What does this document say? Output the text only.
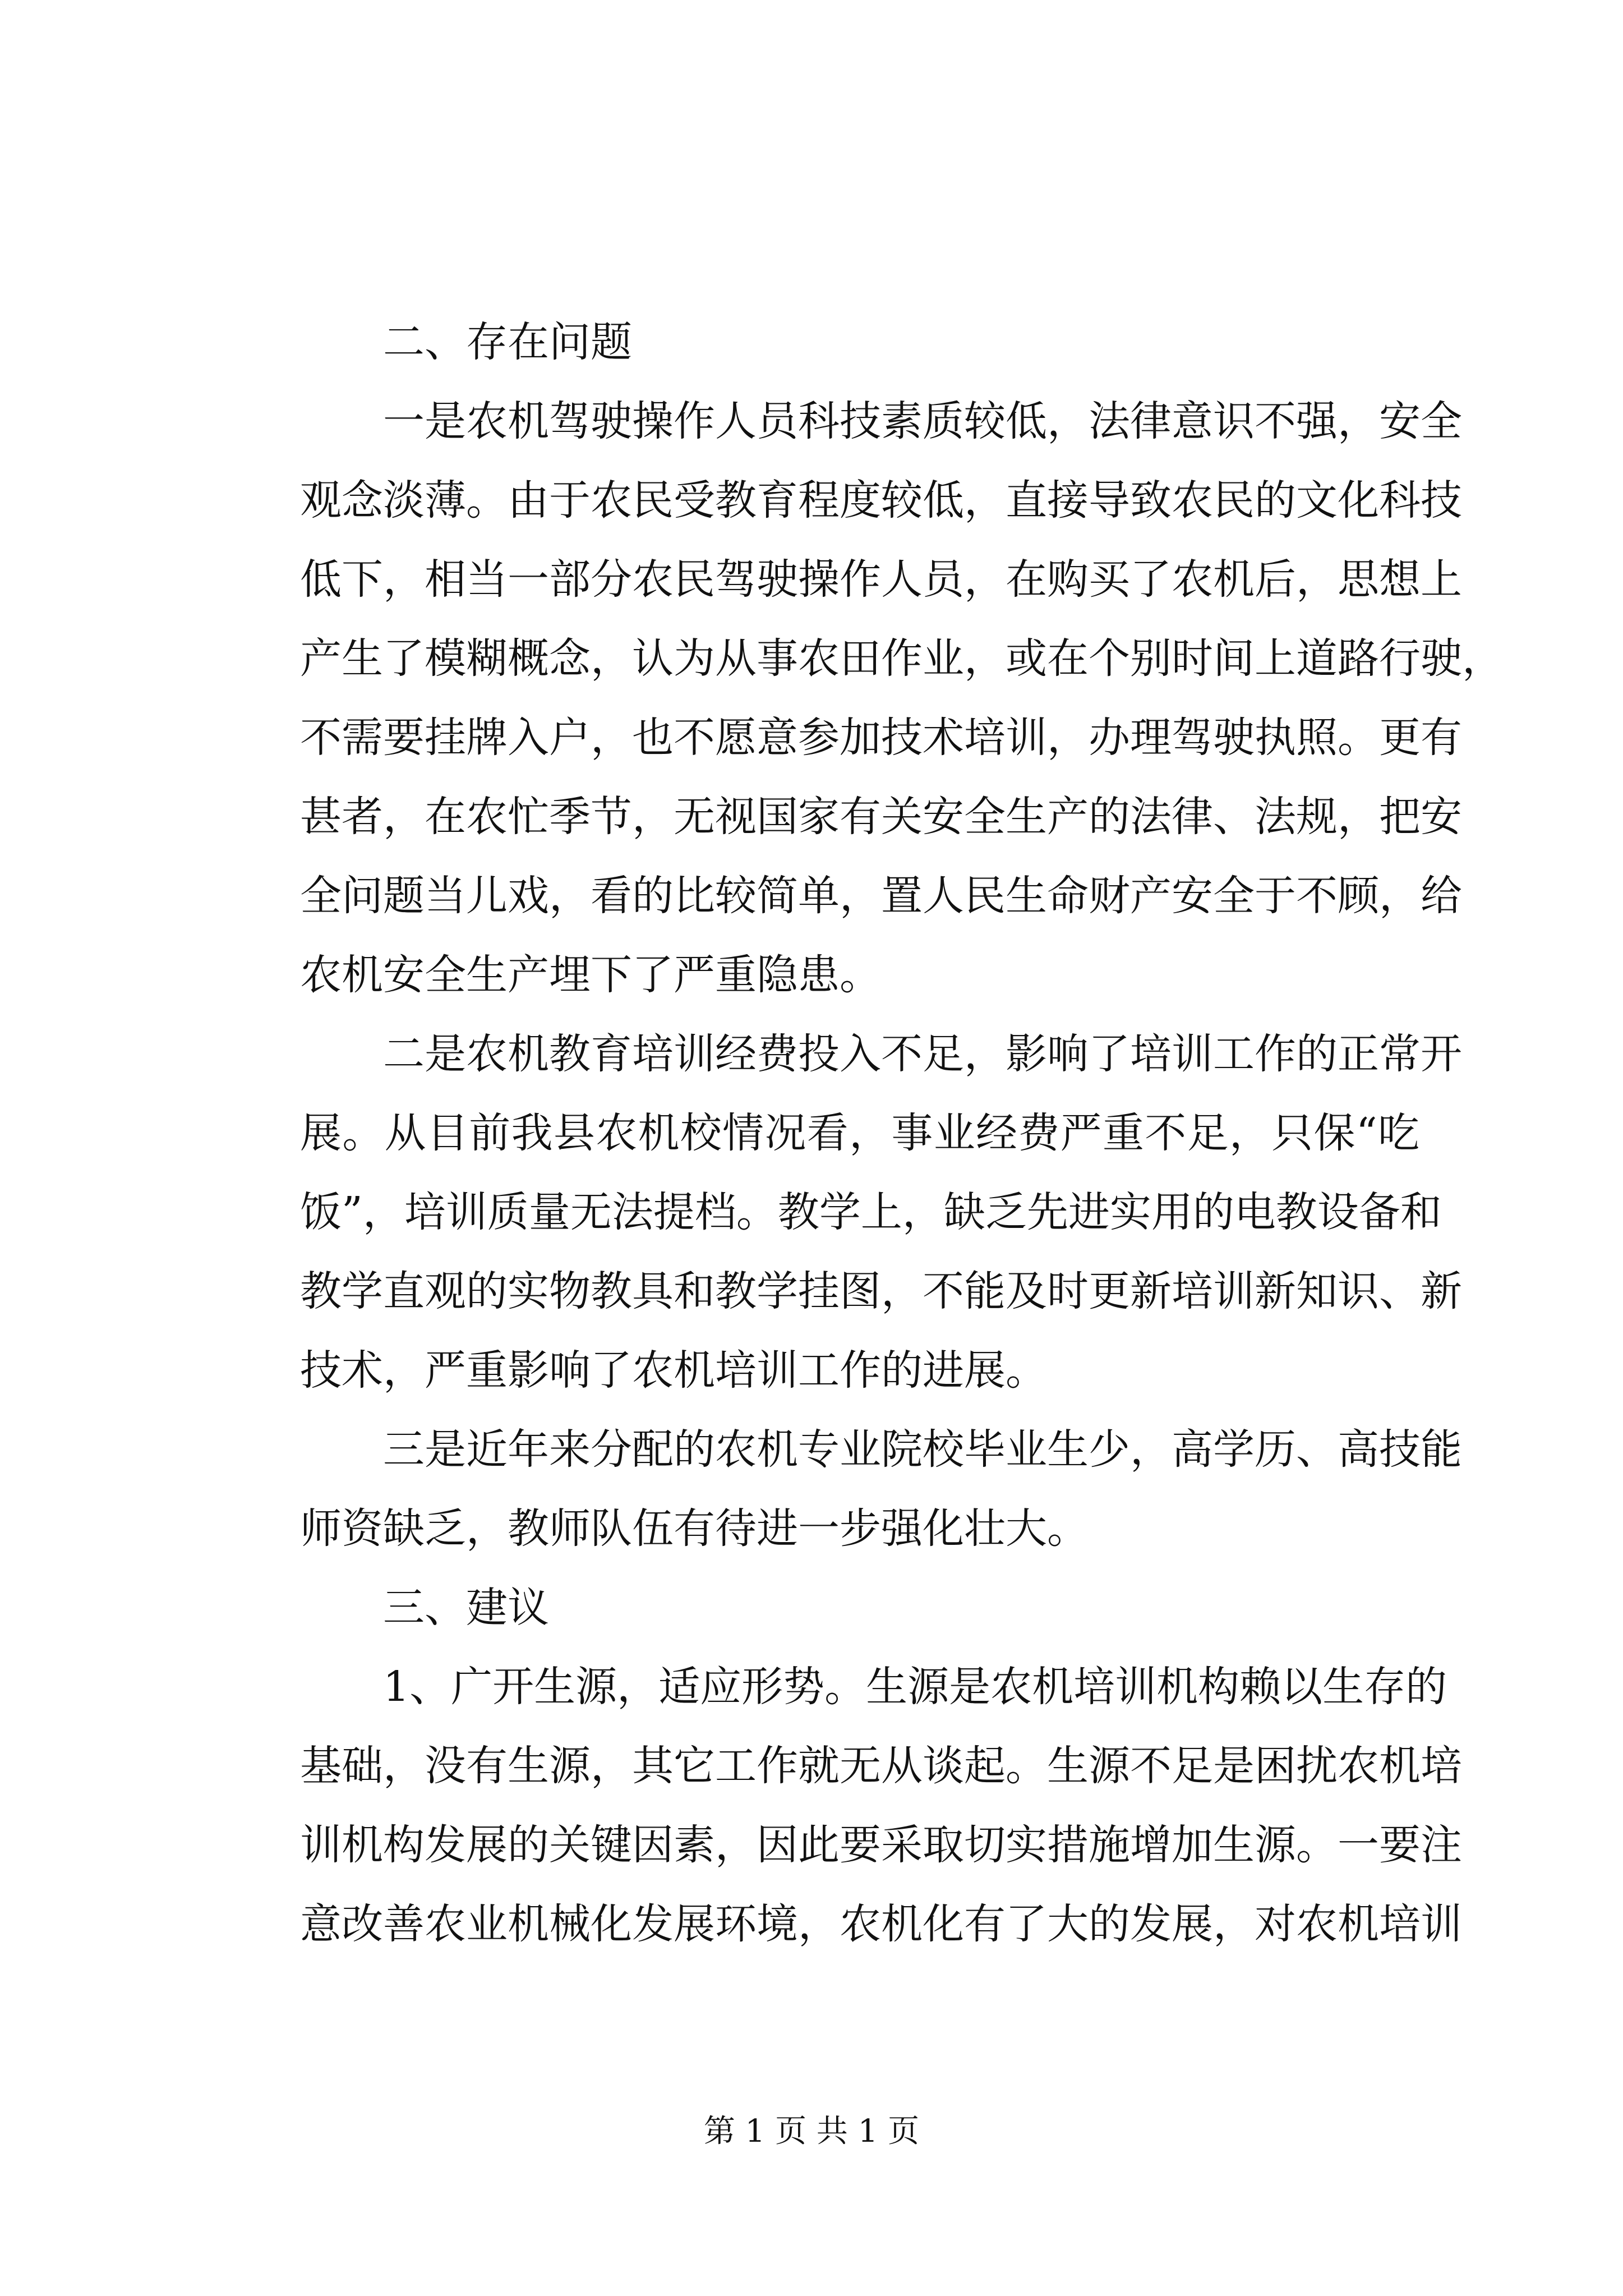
二、存在问题
一是农机驾驶操作人员科技素质较低，法律意识不强，安全
观念淡薄。由于农民受教育程度较低，直接导致农民的文化科技
低下，相当一部分农民驾驶操作人员，在购买了农机后，思想上
产生了模糊概念，认为从事农田作业，或在个别时间上道路行驶，
不需要挂牌入户，也不愿意参加技术培训，办理驾驶执照。更有
甚者，在农忙季节，无视国家有关安全生产的法律、法规，把安
全问题当儿戏，看的比较简单，置人民生命财产安全于不顾，给
农机安全生产埋下了严重隐患。
二是农机教育培训经费投入不足，影响了培训工作的正常开
展。从目前我县农机校情况看，事业经费严重不足，只保“吃
饭”，培训质量无法提档。教学上，缺乏先进实用的电教设备和
教学直观的实物教具和教学挂图，不能及时更新培训新知识、新
技术，严重影响了农机培训工作的进展。
三是近年来分配的农机专业院校毕业生少，高学历、高技能
师资缺乏，教师队伍有待进一步强化壮大。
三、建议
1、广开生源，适应形势。生源是农机培训机构赖以生存的
基础，没有生源，其它工作就无从谈起。生源不足是困扰农机培
训机构发展的关键因素，因此要采取切实措施增加生源。一要注
意改善农业机械化发展环境，农机化有了大的发展，对农机培训
第 1 页 共 1 页
